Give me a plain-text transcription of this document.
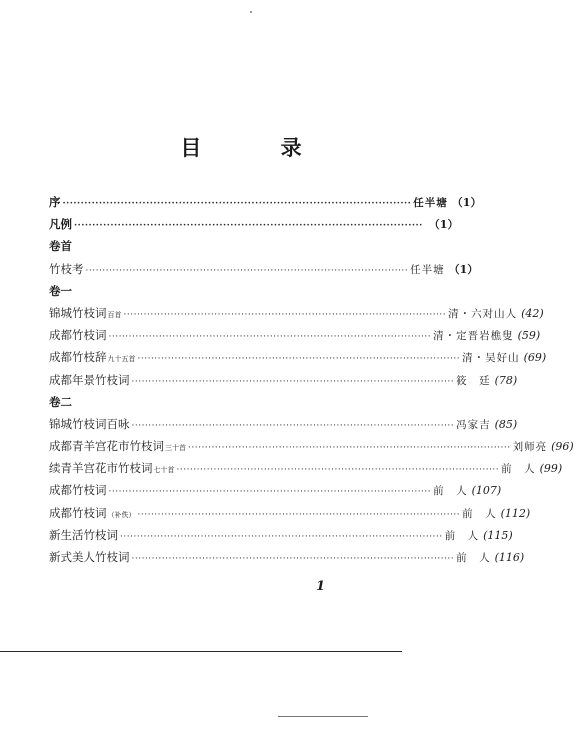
目 录
序 ································································································ 任半塘 （1）
凡例 ································································································ （1）
卷首
竹枝考 ································································································ 任半塘 （1）
卷一
锦城竹枝词 百首 ································································································ 清・六对山人 (42)
成都竹枝词 ································································································ 清・定晋岩樵叟 (59)
成都竹枝辞 九十五首 ································································································ 清・吴好山 (69)
成都年景竹枝词 ································································································ 筱　廷 (78)
卷二
锦城竹枝词百咏 ································································································ 冯家吉 (85)
成都青羊宫花市竹枝词 三十首 ································································································ 刘师亮 (96)
续青羊宫花市竹枝词 七十首 ································································································ 前　人 (99)
成都竹枝词 ································································································ 前　人 (107)
成都竹枝词 （补佚） ································································································ 前　人 (112)
新生活竹枝词 ································································································ 前　人 (115)
新式美人竹枝词 ································································································ 前　人 (116)
1
